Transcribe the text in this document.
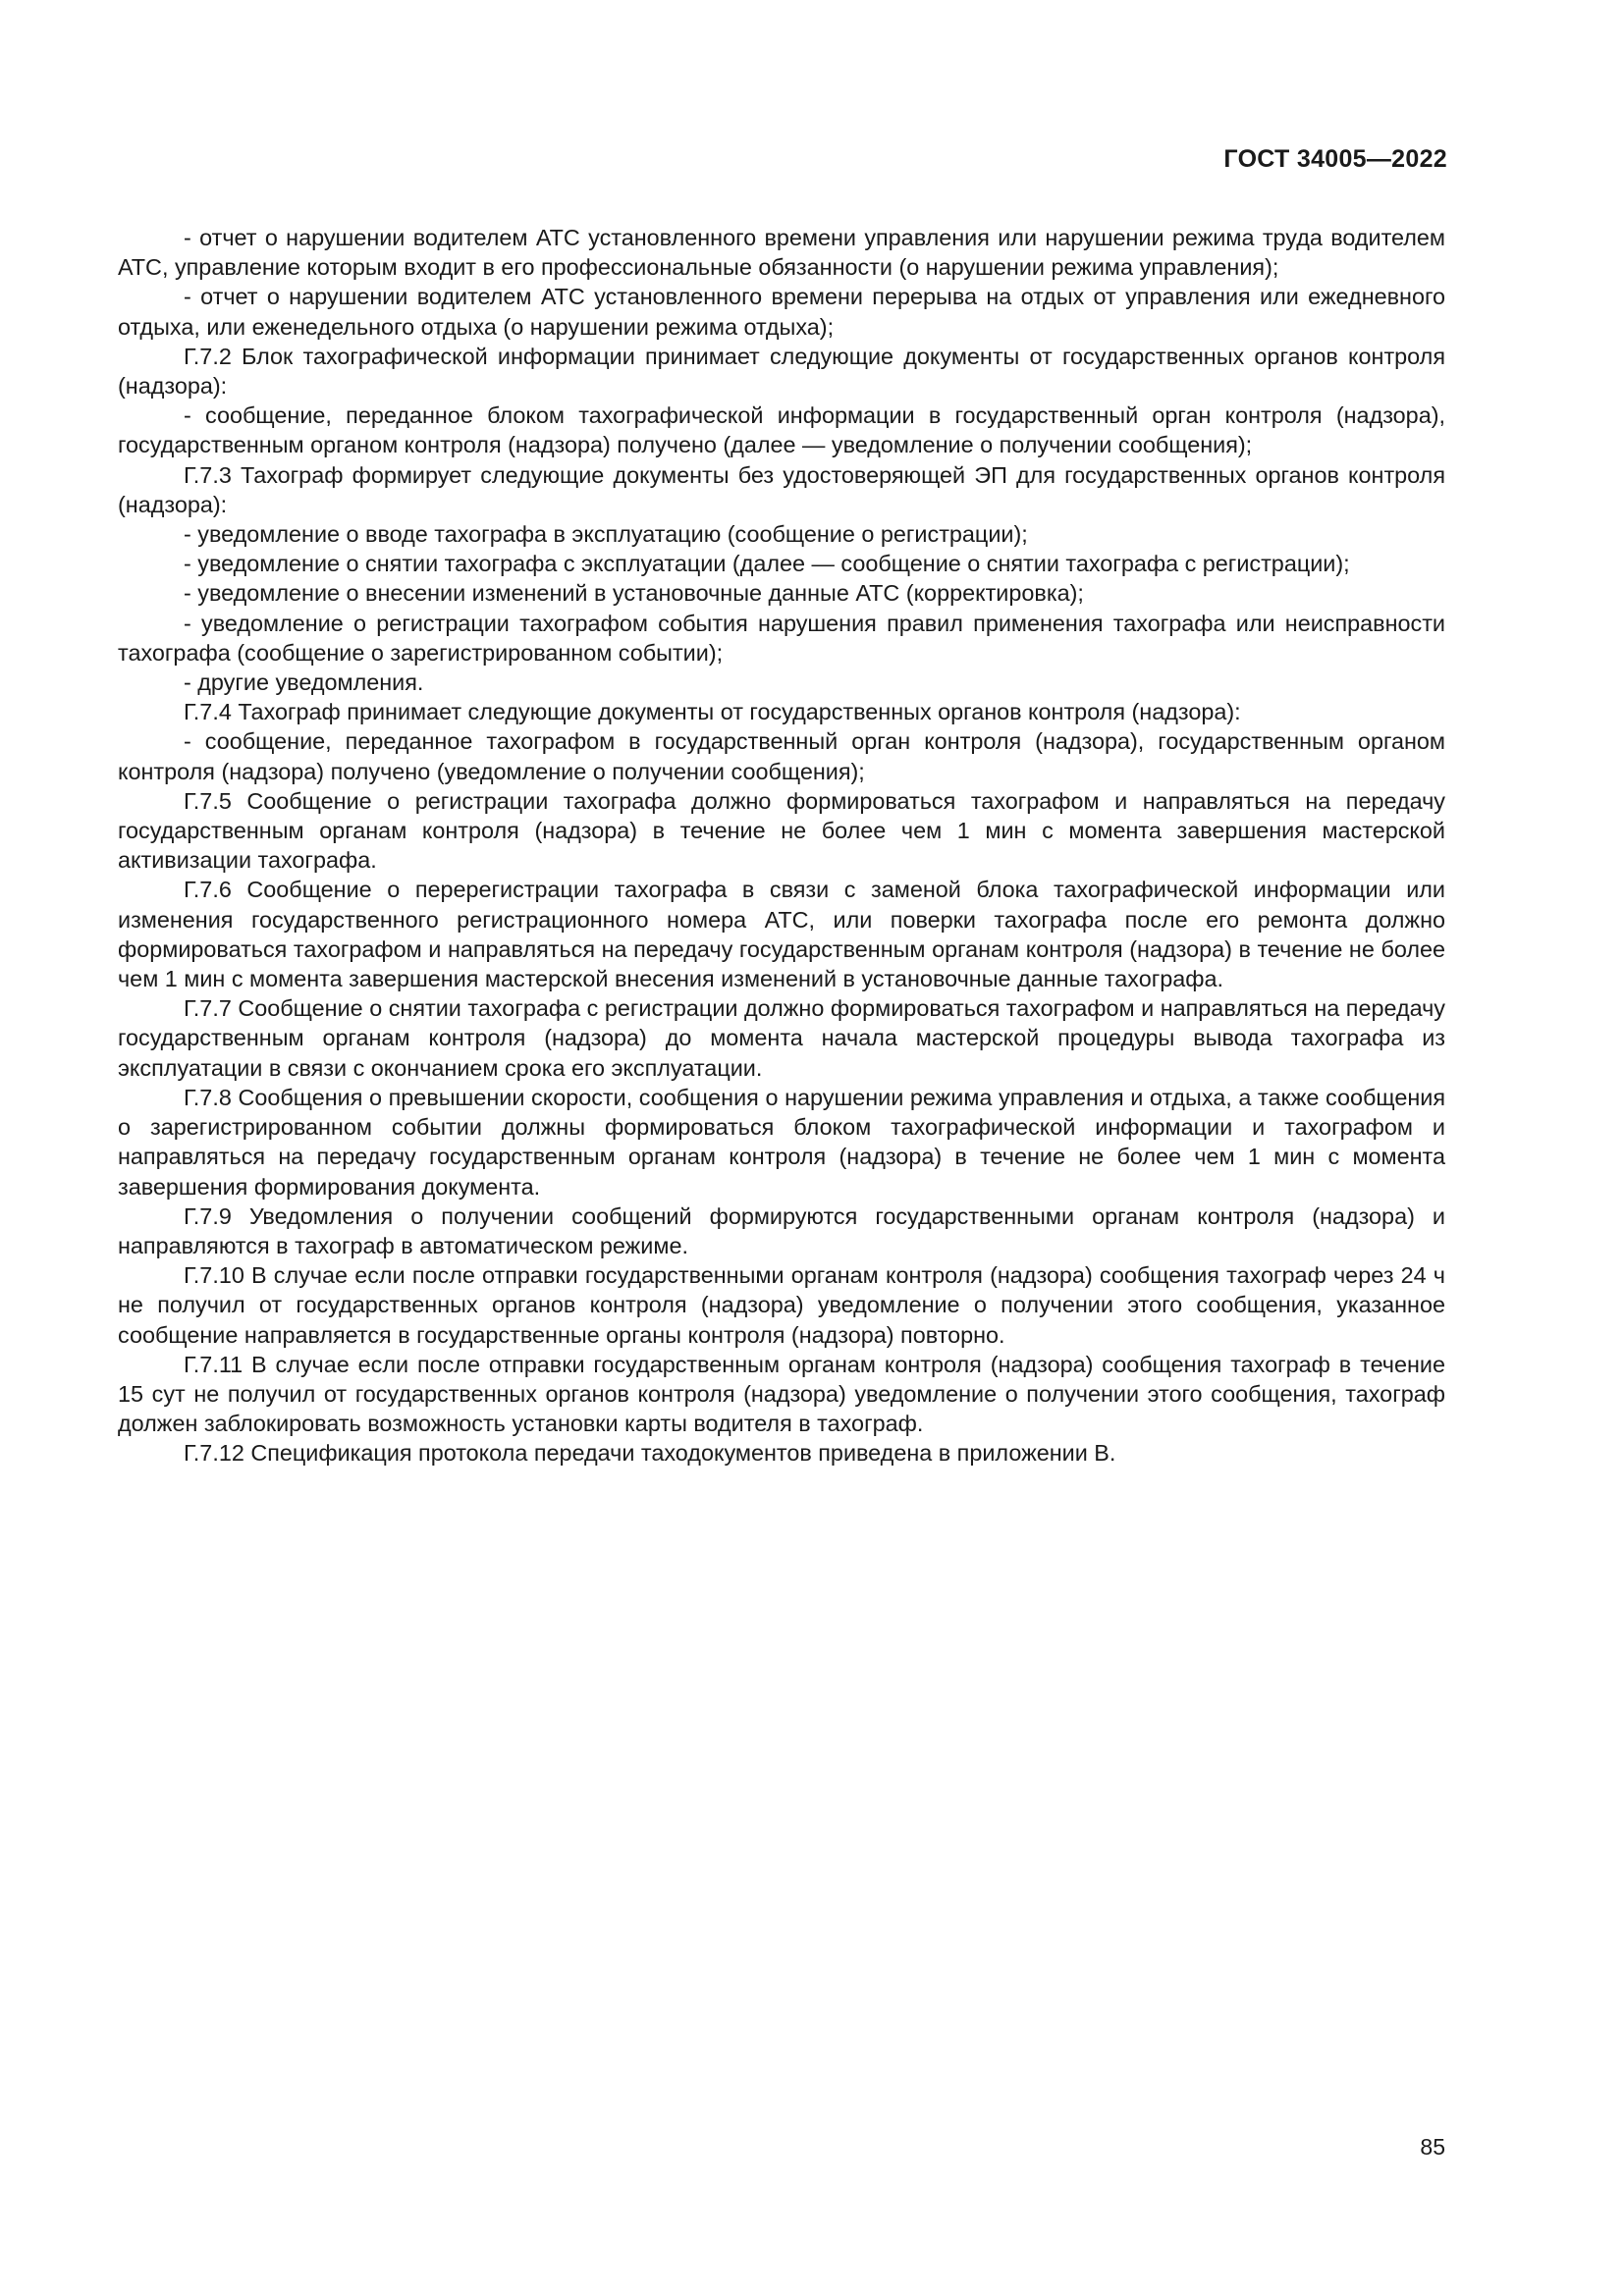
ГОСТ 34005—2022

- отчет о нарушении водителем АТС установленного времени управления или нарушении режима труда водителем АТС, управление которым входит в его профессиональные обязанности (о нарушении режима управления);

- отчет о нарушении водителем АТС установленного времени перерыва на отдых от управления или ежедневного отдыха, или еженедельного отдыха (о нарушении режима отдыха);

Г.7.2 Блок тахографической информации принимает следующие документы от государственных органов контроля (надзора):

- сообщение, переданное блоком тахографической информации в государственный орган контроля (надзора), государственным органом контроля (надзора) получено (далее — уведомление о получении сообщения);

Г.7.3 Тахограф формирует следующие документы без удостоверяющей ЭП для государственных органов контроля (надзора):

- уведомление о вводе тахографа в эксплуатацию (сообщение о регистрации);

- уведомление о снятии тахографа с эксплуатации (далее — сообщение о снятии тахографа с регистрации);

- уведомление о внесении изменений в установочные данные АТС (корректировка);

- уведомление о регистрации тахографом события нарушения правил применения тахографа или неисправности тахографа (сообщение о зарегистрированном событии);

- другие уведомления.

Г.7.4 Тахограф принимает следующие документы от государственных органов контроля (надзора):

- сообщение, переданное тахографом в государственный орган контроля (надзора), государственным органом контроля (надзора) получено (уведомление о получении сообщения);

Г.7.5 Сообщение о регистрации тахографа должно формироваться тахографом и направляться на передачу государственным органам контроля (надзора) в течение не более чем 1 мин с момента завершения мастерской активизации тахографа.

Г.7.6 Сообщение о перерегистрации тахографа в связи с заменой блока тахографической информации или изменения государственного регистрационного номера АТС, или поверки тахографа после его ремонта должно формироваться тахографом и направляться на передачу государственным органам контроля (надзора) в течение не более чем 1 мин с момента завершения мастерской внесения изменений в установочные данные тахографа.

Г.7.7 Сообщение о снятии тахографа с регистрации должно формироваться тахографом и направляться на передачу государственным органам контроля (надзора) до момента начала мастерской процедуры вывода тахографа из эксплуатации в связи с окончанием срока его эксплуатации.

Г.7.8 Сообщения о превышении скорости, сообщения о нарушении режима управления и отдыха, а также сообщения о зарегистрированном событии должны формироваться блоком тахографической информации и тахографом и направляться на передачу государственным органам контроля (надзора) в течение не более чем 1 мин с момента завершения формирования документа.

Г.7.9 Уведомления о получении сообщений формируются государственными органам контроля (надзора) и направляются в тахограф в автоматическом режиме.

Г.7.10 В случае если после отправки государственными органам контроля (надзора) сообщения тахограф через 24 ч не получил от государственных органов контроля (надзора) уведомление о получении этого сообщения, указанное сообщение направляется в государственные органы контроля (надзора) повторно.

Г.7.11 В случае если после отправки государственным органам контроля (надзора) сообщения тахограф в течение 15 сут не получил от государственных органов контроля (надзора) уведомление о получении этого сообщения, тахограф должен заблокировать возможность установки карты водителя в тахограф.

Г.7.12 Спецификация протокола передачи таходокументов приведена в приложении В.

85
